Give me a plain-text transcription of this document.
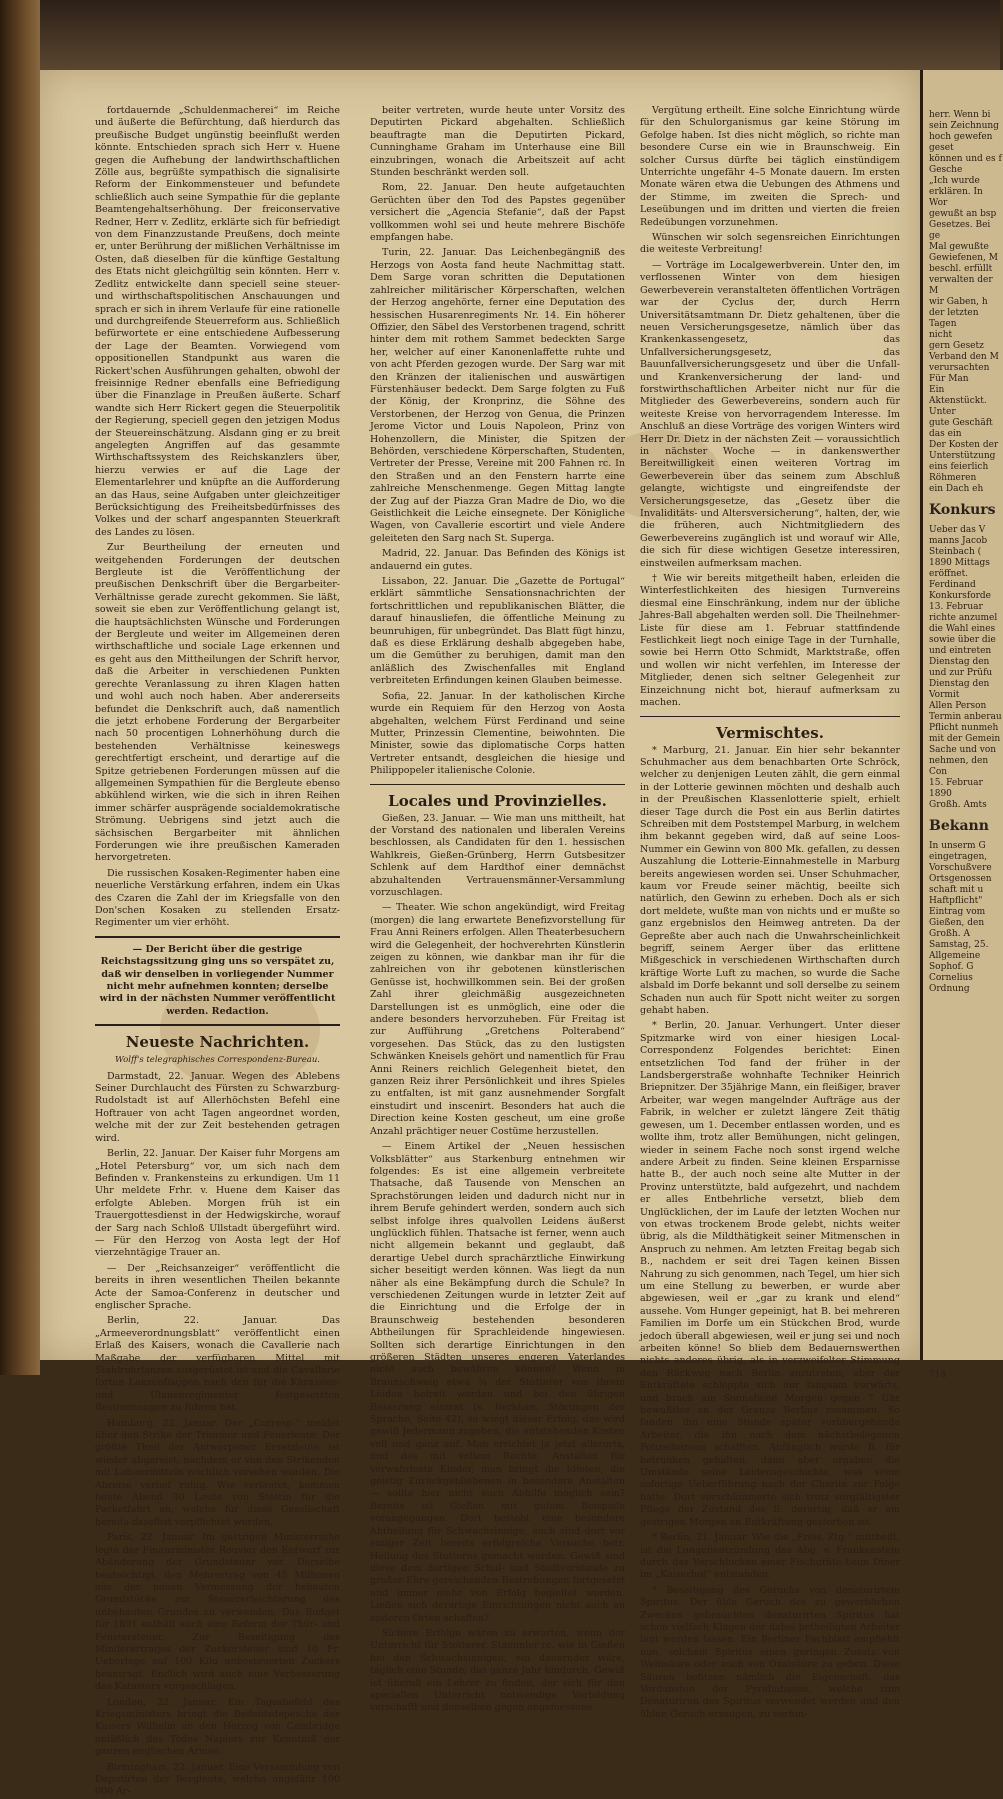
fortdauernde „Schuldenmacherei“ im Reiche und äußerte die Befürchtung, daß hierdurch das preußische Budget ungünstig beeinflußt werden könnte. Entschieden sprach sich Herr v. Huene gegen die Aufhebung der landwirthschaftlichen Zölle aus, begrüßte sympathisch die signalisirte Reform der Einkommensteuer und befundete schließlich auch seine Sympathie für die geplante Beamtengehaltserhöhung. Der freiconservative Redner, Herr v. Zedlitz, erklärte sich für befriedigt von dem Finanzzustande Preußens, doch meinte er, unter Berührung der mißlichen Verhältnisse im Osten, daß dieselben für die künftige Gestaltung des Etats nicht gleichgültig sein könnten. Herr v. Zedlitz entwickelte dann speciell seine steuer- und wirthschaftspolitischen Anschauungen und sprach er sich in ihrem Verlaufe für eine rationelle und durchgreifende Steuerreform aus. Schließlich befürwortete er eine entschiedene Aufbesserung der Lage der Beamten. Vorwiegend vom oppositionellen Standpunkt aus waren die Rickert'schen Ausführungen gehalten, obwohl der freisinnige Redner ebenfalls eine Befriedigung über die Finanzlage in Preußen äußerte. Scharf wandte sich Herr Rickert gegen die Steuerpolitik der Regierung, speciell gegen den jetzigen Modus der Steuereinschätzung. Alsdann ging er zu breit angelegten Angriffen auf das gesammte Wirthschaftssystem des Reichskanzlers über, hierzu verwies er auf die Lage der Elementarlehrer und knüpfte an die Aufforderung an das Haus, seine Aufgaben unter gleichzeitiger Berücksichtigung des Freiheitsbedürfnisses des Volkes und der scharf angespannten Steuerkraft des Landes zu lösen.

Zur Beurtheilung der erneuten und weitgehenden Forderungen der deutschen Bergleute ist die Veröffentlichung der preußischen Denkschrift über die Bergarbeiter-Verhältnisse gerade zurecht gekommen. Sie läßt, soweit sie eben zur Veröffentlichung gelangt ist, die hauptsächlichsten Wünsche und Forderungen der Bergleute und weiter im Allgemeinen deren wirthschaftliche und sociale Lage erkennen und es geht aus den Mittheilungen der Schrift hervor, daß die Arbeiter in verschiedenen Punkten gerechte Veranlassung zu ihren Klagen hatten und wohl auch noch haben. Aber andererseits befundet die Denkschrift auch, daß namentlich die jetzt erhobene Forderung der Bergarbeiter nach 50 procentigen Lohnerhöhung durch die bestehenden Verhältnisse keineswegs gerechtfertigt erscheint, und derartige auf die Spitze getriebenen Forderungen müssen auf die allgemeinen Sympathien für die Bergleute ebenso abkühlend wirken, wie die sich in ihren Reihen immer schärfer ausprägende socialdemokratische Strömung. Uebrigens sind jetzt auch die sächsischen Bergarbeiter mit ähnlichen Forderungen wie ihre preußischen Kameraden hervorgetreten.

Die russischen Kosaken-Regimenter haben eine neuerliche Verstärkung erfahren, indem ein Ukas des Czaren die Zahl der im Kriegsfalle von den Don'schen Kosaken zu stellenden Ersatz-Regimenter um vier erhöht.

— Der Bericht über die gestrige Reichstagssitzung ging uns so verspätet zu, daß wir denselben in vorliegender Nummer nicht mehr aufnehmen konnten; derselbe wird in der nächsten Nummer veröffentlicht werden. Redaction.
Neueste Nachrichten.
Wolff's telegraphisches Correspondenz-Bureau.

Darmstadt, 22. Januar. Wegen des Ablebens Seiner Durchlaucht des Fürsten zu Schwarzburg-Rudolstadt ist auf Allerhöchsten Befehl eine Hoftrauer von acht Tagen angeordnet worden, welche mit der zur Zeit bestehenden getragen wird.

Berlin, 22. Januar. Der Kaiser fuhr Morgens am „Hotel Petersburg“ vor, um sich nach dem Befinden v. Frankensteins zu erkundigen. Um 11 Uhr meldete Frhr. v. Huene dem Kaiser das erfolgte Ableben. Morgen früh ist ein Trauergottesdienst in der Hedwigskirche, worauf der Sarg nach Schloß Ullstadt übergeführt wird. — Für den Herzog von Aosta legt der Hof vierzehntägige Trauer an.

— Der „Reichsanzeiger“ veröffentlicht die bereits in ihren wesentlichen Theilen bekannte Acte der Samoa-Conferenz in deutscher und englischer Sprache.

Berlin, 22. Januar. Das „Armeeverordnungsblatt“ veröffentlicht einen Erlaß des Kaisers, wonach die Cavallerie nach Maßgabe der verfügbaren Mittel mit Stahlrohrlanzen ausgerüstet ist und die Cavallerie fortan Lanzenflaggen nach den für die Kürassier- und Ulanenregimenter festgesetzten Bestimmungen zu führen hat.

Hamburg, 22. Januar. Der „Corresp.“ meldet über den Strike der Trimmer und Feuerleute: Der größte Theil der Antwerpener Ersatzleute ist wieder abgereist, nachdem er von den Strikenden mit Lebensmitteln reichlich versehen worden. Die Abreise verlief ruhig. Wie verlautet, kommen heute Abend 30 Leute von Stettin für die Packetfahrt an, welche für diese Gesellschaft bereits daselbst verpflichtet wurden.

Paris, 22. Januar. Im gestrigen Ministerrathe legte der Finanzminister Rouvier den Entwurf zur Abänderung der Grundsteuer vor. Derselbe beabsichtigt, den Mehrertrag von 45 Millionen aus der neuen Vermessung der bebauten Grundstücke zur Steuererleichterung des unbebauten Grundes zu verwenden. Das Budget für 1891 enthält auch eine Reform der Thür- und Fenstersteuer. Zur Beseitigung des Minderertrages der Zuckersteuer sind 10 Fr. Ueberlage auf 100 Kilo unbesteuerten Zuckers beantragt. Endlich wird auch eine Verbesserung des Katasters vorgeschlagen.

London, 22. Januar. Ein Tagesbefehl des Kriegsministers bringt die Beileidsdepesche des Kaisers Wilhelm an den Herzog von Cambridge anläßlich des Todes Napiers zur Kenntniß der ganzen englischen Armee.

Birmingham, 22. Januar. Eine Versammlung von Deputirten der Bergleute, welche ungefähr 100 000 Ar-

beiter vertreten, wurde heute unter Vorsitz des Deputirten Pickard abgehalten. Schließlich beauftragte man die Deputirten Pickard, Cunninghame Graham im Unterhause eine Bill einzubringen, wonach die Arbeitszeit auf acht Stunden beschränkt werden soll.

Rom, 22. Januar. Den heute aufgetauchten Gerüchten über den Tod des Papstes gegenüber versichert die „Agencia Stefanie“, daß der Papst vollkommen wohl sei und heute mehrere Bischöfe empfangen habe.

Turin, 22. Januar. Das Leichenbegängniß des Herzogs von Aosta fand heute Nachmittag statt. Dem Sarge voran schritten die Deputationen zahlreicher militärischer Körperschaften, welchen der Herzog angehörte, ferner eine Deputation des hessischen Husarenregiments Nr. 14. Ein höherer Offizier, den Säbel des Verstorbenen tragend, schritt hinter dem mit rothem Sammet bedeckten Sarge her, welcher auf einer Kanonenlaffette ruhte und von acht Pferden gezogen wurde. Der Sarg war mit den Kränzen der italienischen und auswärtigen Fürstenhäuser bedeckt. Dem Sarge folgten zu Fuß der König, der Kronprinz, die Söhne des Verstorbenen, der Herzog von Genua, die Prinzen Jerome Victor und Louis Napoleon, Prinz von Hohenzollern, die Minister, die Spitzen der Behörden, verschiedene Körperschaften, Studenten, Vertreter der Presse, Vereine mit 200 Fahnen rc. In den Straßen und an den Fenstern harrte eine zahlreiche Menschenmenge. Gegen Mittag langte der Zug auf der Piazza Gran Madre de Dio, wo die Geistlichkeit die Leiche einsegnete. Der Königliche Wagen, von Cavallerie escortirt und viele Andere geleiteten den Sarg nach St. Superga.

Madrid, 22. Januar. Das Befinden des Königs ist andauernd ein gutes.

Lissabon, 22. Januar. Die „Gazette de Portugal“ erklärt sämmtliche Sensationsnachrichten der fortschrittlichen und republikanischen Blätter, die darauf hinausliefen, die öffentliche Meinung zu beunruhigen, für unbegründet. Das Blatt fügt hinzu, daß es diese Erklärung deshalb abgegeben habe, um die Gemüther zu beruhigen, damit man den anläßlich des Zwischenfalles mit England verbreiteten Erfindungen keinen Glauben beimesse.

Sofia, 22. Januar. In der katholischen Kirche wurde ein Requiem für den Herzog von Aosta abgehalten, welchem Fürst Ferdinand und seine Mutter, Prinzessin Clementine, beiwohnten. Die Minister, sowie das diplomatische Corps hatten Vertreter entsandt, desgleichen die hiesige und Philippopeler italienische Colonie.

Locales und Provinzielles.

Gießen, 23. Januar. — Wie man uns mittheilt, hat der Vorstand des nationalen und liberalen Vereins beschlossen, als Candidaten für den 1. hessischen Wahlkreis, Gießen-Grünberg, Herrn Gutsbesitzer Schlenk auf dem Hardthof einer demnächst abzuhaltenden Vertrauensmänner-Versammlung vorzuschlagen.

— Theater. Wie schon angekündigt, wird Freitag (morgen) die lang erwartete Benefizvorstellung für Frau Anni Reiners erfolgen. Allen Theaterbesuchern wird die Gelegenheit, der hochverehrten Künstlerin zeigen zu können, wie dankbar man ihr für die zahlreichen von ihr gebotenen künstlerischen Genüsse ist, hochwillkommen sein. Bei der großen Zahl ihrer gleichmäßig ausgezeichneten Darstellungen ist es unmöglich, eine oder die andere besonders hervorzuheben. Für Freitag ist zur Aufführung „Gretchens Polterabend“ vorgesehen. Das Stück, das zu den lustigsten Schwänken Kneisels gehört und namentlich für Frau Anni Reiners reichlich Gelegenheit bietet, den ganzen Reiz ihrer Persönlichkeit und ihres Spieles zu entfalten, ist mit ganz ausnehmender Sorgfalt einstudirt und inscenirt. Besonders hat auch die Direction keine Kosten gescheut, um eine große Anzahl prächtiger neuer Costüme herzustellen.

— Einem Artikel der „Neuen hessischen Volksblätter“ aus Starkenburg entnehmen wir folgendes: Es ist eine allgemein verbreitete Thatsache, daß Tausende von Menschen an Sprachstörungen leiden und dadurch nicht nur in ihrem Berufe gehindert werden, sondern auch sich selbst infolge ihres qualvollen Leidens äußerst unglücklich fühlen. Thatsache ist ferner, wenn auch nicht allgemein bekannt und geglaubt, daß derartige Uebel durch sprachärztliche Einwirkung sicher beseitigt werden können. Was liegt da nun näher als eine Bekämpfung durch die Schule? In verschiedenen Zeitungen wurde in letzter Zeit auf die Einrichtung und die Erfolge der in Braunschweig bestehenden besonderen Abtheilungen für Sprachleidende hingewiesen. Sollten sich derartige Einrichtungen in den größeren Städten unseres engeren Vaterlandes nicht auch bewähren können? Wenn in Braunschweig etwa ¾ der Stotterer von ihrem Leiden befreit worden und bei den übrigen Besserung eintrat (s. Berkhan, Störungen der Sprache, Seite 42), so wiegt dieser Erfolg, das wird gewiß Jedermann zugeben, die entstehenden Kosten voll und ganz auf. Man errichtet ja jetzt allerorts, und das mit vollem Rechte, Anstalten für verwahrloste Kinder, man bringt die Idioten, die geistig Zurückgebliebenen in besondere Anstalten — sollte hier nicht auch Abhilfe möglich sein? Bereits ist Gießen mit gutem Beispiele vorangegangen. Dort besteht eine besondere Abtheilung für Schwachsinnige; auch sind dort vor einiger Zeit bereits erfolgreiche Versuche betr. Heilung des Stotterns gemacht worden. Gewiß sind diese dem dortigen Schul- und Stadtvorstande zu großer Ehre gereichenden Bestrebungen fortgesetzt und immer mehr von Erfolg begleitet worden. Ließen sich derartige Einrichtungen nicht auch an anderen Orten schaffen?

Sichere Erfolge wären zu erwarten, wenn der Unterricht für Stotterer, Stammler rc. wie in Gießen bei den Schwachsinnigen, ein dauernder wäre, täglich eine Stunde, das ganze Jahr hindurch. Gewiß ist überall ein Lehrer zu finden, der sich für den speciellen Unterricht notwendige Vorbildung verschafft und denselben gegen angemessene

Vergütung ertheilt. Eine solche Einrichtung würde für den Schulorganismus gar keine Störung im Gefolge haben. Ist dies nicht möglich, so richte man besondere Curse ein wie in Braunschweig. Ein solcher Cursus dürfte bei täglich einstündigem Unterrichte ungefähr 4–5 Monate dauern. Im ersten Monate wären etwa die Uebungen des Athmens und der Stimme, im zweiten die Sprech- und Leseübungen und im dritten und vierten die freien Redeübungen vorzunehmen.

Wünschen wir solch segensreichen Einrichtungen die weiteste Verbreitung!

— Vorträge im Localgewerbverein. Unter den, im verflossenen Winter von dem hiesigen Gewerbeverein veranstalteten öffentlichen Vorträgen war der Cyclus der, durch Herrn Universitätsamtmann Dr. Dietz gehaltenen, über die neuen Versicherungsgesetze, nämlich über das Krankenkassengesetz, das Unfallversicherungsgesetz, das Bauunfallversicherungsgesetz und über die Unfall- und Krankenversicherung der land- und forstwirthschaftlichen Arbeiter nicht nur für die Mitglieder des Gewerbevereins, sondern auch für weiteste Kreise von hervorragendem Interesse. Im Anschluß an diese Vorträge des vorigen Winters wird Herr Dr. Dietz in der nächsten Zeit — voraussichtlich in nächster Woche — in dankenswerther Bereitwilligkeit einen weiteren Vortrag im Gewerbeverein über das seinem zum Abschluß gelangte, wichtigste und eingreifendste der Versicherungsgesetze, das „Gesetz über die Invaliditäts- und Altersversicherung“, halten, der, wie die früheren, auch Nichtmitgliedern des Gewerbevereins zugänglich ist und worauf wir Alle, die sich für diese wichtigen Gesetze interessiren, einstweilen aufmerksam machen.

† Wie wir bereits mitgetheilt haben, erleiden die Winterfestlichkeiten des hiesigen Turnvereins diesmal eine Einschränkung, indem nur der übliche Jahres-Ball abgehalten werden soll. Die Theilnehmer-Liste für diese am 1. Februar stattfindende Festlichkeit liegt noch einige Tage in der Turnhalle, sowie bei Herrn Otto Schmidt, Marktstraße, offen und wollen wir nicht verfehlen, im Interesse der Mitglieder, denen sich seltner Gelegenheit zur Einzeichnung nicht bot, hierauf aufmerksam zu machen.

Vermischtes.

* Marburg, 21. Januar. Ein hier sehr bekannter Schuhmacher aus dem benachbarten Orte Schröck, welcher zu denjenigen Leuten zählt, die gern einmal in der Lotterie gewinnen möchten und deshalb auch in der Preußischen Klassenlotterie spielt, erhielt dieser Tage durch die Post ein aus Berlin datirtes Schreiben mit dem Poststempel Marburg, in welchem ihm bekannt gegeben wird, daß auf seine Loos-Nummer ein Gewinn von 800 Mk. gefallen, zu dessen Auszahlung die Lotterie-Einnahmestelle in Marburg bereits angewiesen worden sei. Unser Schuhmacher, kaum vor Freude seiner mächtig, beeilte sich natürlich, den Gewinn zu erheben. Doch als er sich dort meldete, wußte man von nichts und er mußte so ganz ergebnislos den Heimweg antreten. Da der Gepreßte aber auch nach die Unwahrscheinlichkeit begriff, seinem Aerger über das erlittene Mißgeschick in verschiedenen Wirthschaften durch kräftige Worte Luft zu machen, so wurde die Sache alsbald im Dorfe bekannt und soll derselbe zu seinem Schaden nun auch für Spott nicht weiter zu sorgen gehabt haben.

* Berlin, 20. Januar. Verhungert. Unter dieser Spitzmarke wird von einer hiesigen Local-Correspondenz Folgendes berichtet: Einen entsetzlichen Tod fand der früher in der Landsbergerstraße wohnhafte Techniker Heinrich Briepnitzer. Der 35jährige Mann, ein fleißiger, braver Arbeiter, war wegen mangelnder Aufträge aus der Fabrik, in welcher er zuletzt längere Zeit thätig gewesen, um 1. December entlassen worden, und es wollte ihm, trotz aller Bemühungen, nicht gelingen, wieder in seinem Fache noch sonst irgend welche andere Arbeit zu finden. Seine kleinen Ersparnisse hatte B., der auch noch seine alte Mutter in der Provinz unterstützte, bald aufgezehrt, und nachdem er alles Entbehrliche versetzt, blieb dem Unglücklichen, der im Laufe der letzten Wochen nur von etwas trockenem Brode gelebt, nichts weiter übrig, als die Mildthätigkeit seiner Mitmenschen in Anspruch zu nehmen. Am letzten Freitag begab sich B., nachdem er seit drei Tagen keinen Bissen Nahrung zu sich genommen, nach Tegel, um hier sich um eine Stellung zu bewerben, er wurde aber abgewiesen, weil er „gar zu krank und elend“ aussehe. Vom Hunger gepeinigt, hat B. bei mehreren Familien im Dorfe um ein Stückchen Brod, wurde jedoch überall abgewiesen, weil er jung sei und noch arbeiten könne! So blieb dem Bedauernswerthen nichts anderes übrig, als in verzweifelter Stimmung den Rückweg nach Berlin anzutreten, aber der Entkräftete schleppte sich nur langsam vorwärts, und brach am Sonnabend Morgen gegen 7 Uhr bewußtlos an der Grenze Berlins zusammen. So fanden ihn eine Stunde später vorübergehende Arbeiter, die ihn nach dem nächstbelegenen Polizeibureau schafften. Anfänglich wurde B. für betrunken gehalten, dann aber ergaben die Umstände seine Leidensgeschichte, was seine sofortige Ueberführung nach der Charité zur Folge hatte. Dort verschlimmerte sich trotz sorgfältigster Pflege der Zustand des B. derartig, daß er am gestrigen Morgen an Entkräftung gestorben ist.

* Berlin, 21. Januar. Wie die „Freis. Ztg.“ mittheilt, ist die Lungenentzündung des Abg. v. Frankenstein durch das Verschlucken einer Fischgräte beim Diner im „Kaiserhof“ entstanden.

* Beseitigung des Geruchs von denaturirtem Spiritus. Der üble Geruch des zu gewerblichen Zwecken gebrauchten denaturirten Spiritus hat schon vielfach Klagen der dabei betheiligten Arbeiter laut werden lassen. Ein Berliner Fachblatt empfiehlt nun, solchem Spiritus einen geringen Zusatz von Weinsäure oder auch von Oxalsäure zu geben. Diese Säuren befitzen nämlich die Eigenschaft, das Verdunsten der Pyridinbasen, welche zum Denaturiren des Spiritus verwendet werden und den üblen Geruch erzeugen, zu verhin-

herr. Wenn bi
sein Zeichnung
hoch gewefen geset
können und es f
Gesche
„Ich wurde
erklären. In Wor
gewußt an bsp
Gesetzes. Bei ge
Mal gewußte
Gewiefenen, M
beschl. erfüllt
verwalten der M
wir Gaben, h
der letzten Tagen
nicht
gern Gesetz
Verband den M
verursachten
Für Man
Ein
Aktenstückt. Unter
gute Geschäft
das ein
Der Kosten der
Unterstützung
eins feierlich
Röhmeren
ein Dach eh
Konkurs
Ueber das V
manns Jacob
Steinbach (
1890 Mittags
eröffnet.
Ferdinand
Konkursforde
13. Februar
richte anzumel
die Wahl eines
sowie über die
und eintreten
Dienstag den
und zur Prüfu
Dienstag den
Vormit
Allen Person
Termin anberau
Pflicht nunmeh
mit der Gemein
Sache und von
nehmen, den Con
15. Februar 1890
Großh. Amts
Bekann
In unserm G
eingetragen,
Vorschußvere
Ortsgenossen
schaft mit u
Haftpflicht"
Eintrag vom
Gießen, den
Großh. A
Samstag, 25.
Allgemeine
Sophof. G
Cornelius
Ordnung
714
